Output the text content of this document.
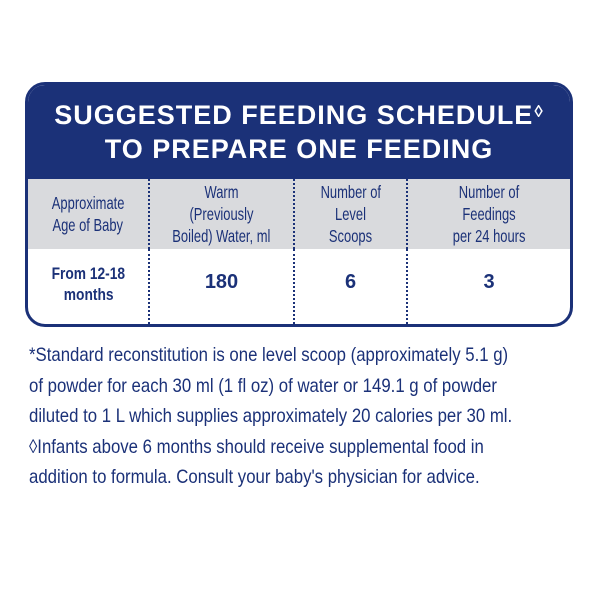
SUGGESTED FEEDING SCHEDULE◊
TO PREPARE ONE FEEDING
Approximate
Age of Baby
Warm (Previously
Boiled) Water, ml
Number of
Level Scoops
Number of Feedings
per 24 hours
From 12-18
months
180	6	3

*Standard reconstitution is one level scoop (approximately 5.1 g)

of powder for each 30 ml (1 fl oz) of water or 149.1 g of powder

diluted to 1 L which supplies approximately 20 calories per 30 ml.

◊Infants above 6 months should receive supplemental food in

addition to formula. Consult your baby's physician for advice.
